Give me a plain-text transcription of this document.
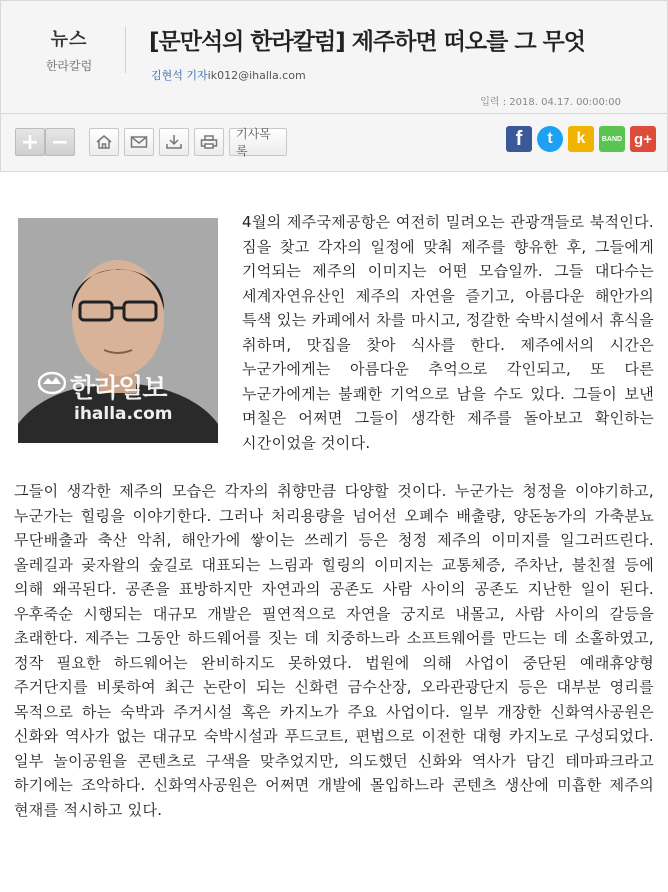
뉴스
한라칼럼
[문만석의 한라칼럼] 제주하면 떠오를 그 무엇
김현석 기자ik012@ihalla.com
입력 : 2018. 04.17. 00:00:00
+ −	기사목록
f t k BAND g+
한라일보
ihalla.com

4월의 제주국제공항은 여전히 밀려오는 관광객들로 북적인다. 짐을 찾고 각자의 일정에 맞춰 제주를 향유한 후, 그들에게 기억되는 제주의 이미지는 어떤 모습일까. 그들 대다수는 세계자연유산인 제주의 자연을 즐기고, 아름다운 해안가의 특색 있는 카페에서 차를 마시고, 정갈한 숙박시설에서 휴식을 취하며, 맛집을 찾아 식사를 한다. 제주에서의 시간은 누군가에게는 아름다운 추억으로 각인되고, 또 다른 누군가에게는 불쾌한 기억으로 남을 수도 있다. 그들이 보낸 며칠은 어쩌면 그들이 생각한 제주를 돌아보고 확인하는 시간이었을 것이다.

그들이 생각한 제주의 모습은 각자의 취향만큼 다양할 것이다. 누군가는 청정을 이야기하고, 누군가는 힐링을 이야기한다. 그러나 처리용량을 넘어선 오폐수 배출량, 양돈농가의 가축분뇨 무단배출과 축산 악취, 해안가에 쌓이는 쓰레기 등은 청정 제주의 이미지를 일그러뜨린다. 올레길과 곶자왈의 숲길로 대표되는 느림과 힐링의 이미지는 교통체증, 주차난, 불친절 등에 의해 왜곡된다. 공존을 표방하지만 자연과의 공존도 사람 사이의 공존도 지난한 일이 된다. 우후죽순 시행되는 대규모 개발은 필연적으로 자연을 궁지로 내몰고, 사람 사이의 갈등을 초래한다. 제주는 그동안 하드웨어를 짓는 데 치중하느라 소프트웨어를 만드는 데 소홀하였고, 정작 필요한 하드웨어는 완비하지도 못하였다. 법원에 의해 사업이 중단된 예래휴양형 주거단지를 비롯하여 최근 논란이 되는 신화련 금수산장, 오라관광단지 등은 대부분 영리를 목적으로 하는 숙박과 주거시설 혹은 카지노가 주요 사업이다. 일부 개장한 신화역사공원은 신화와 역사가 없는 대규모 숙박시설과 푸드코트, 편법으로 이전한 대형 카지노로 구성되었다. 일부 놀이공원을 콘텐츠로 구색을 맞추었지만, 의도했던 신화와 역사가 담긴 테마파크라고 하기에는 조악하다. 신화역사공원은 어쩌면 개발에 몰입하느라 콘텐츠 생산에 미흡한 제주의 현재를 적시하고 있다.
